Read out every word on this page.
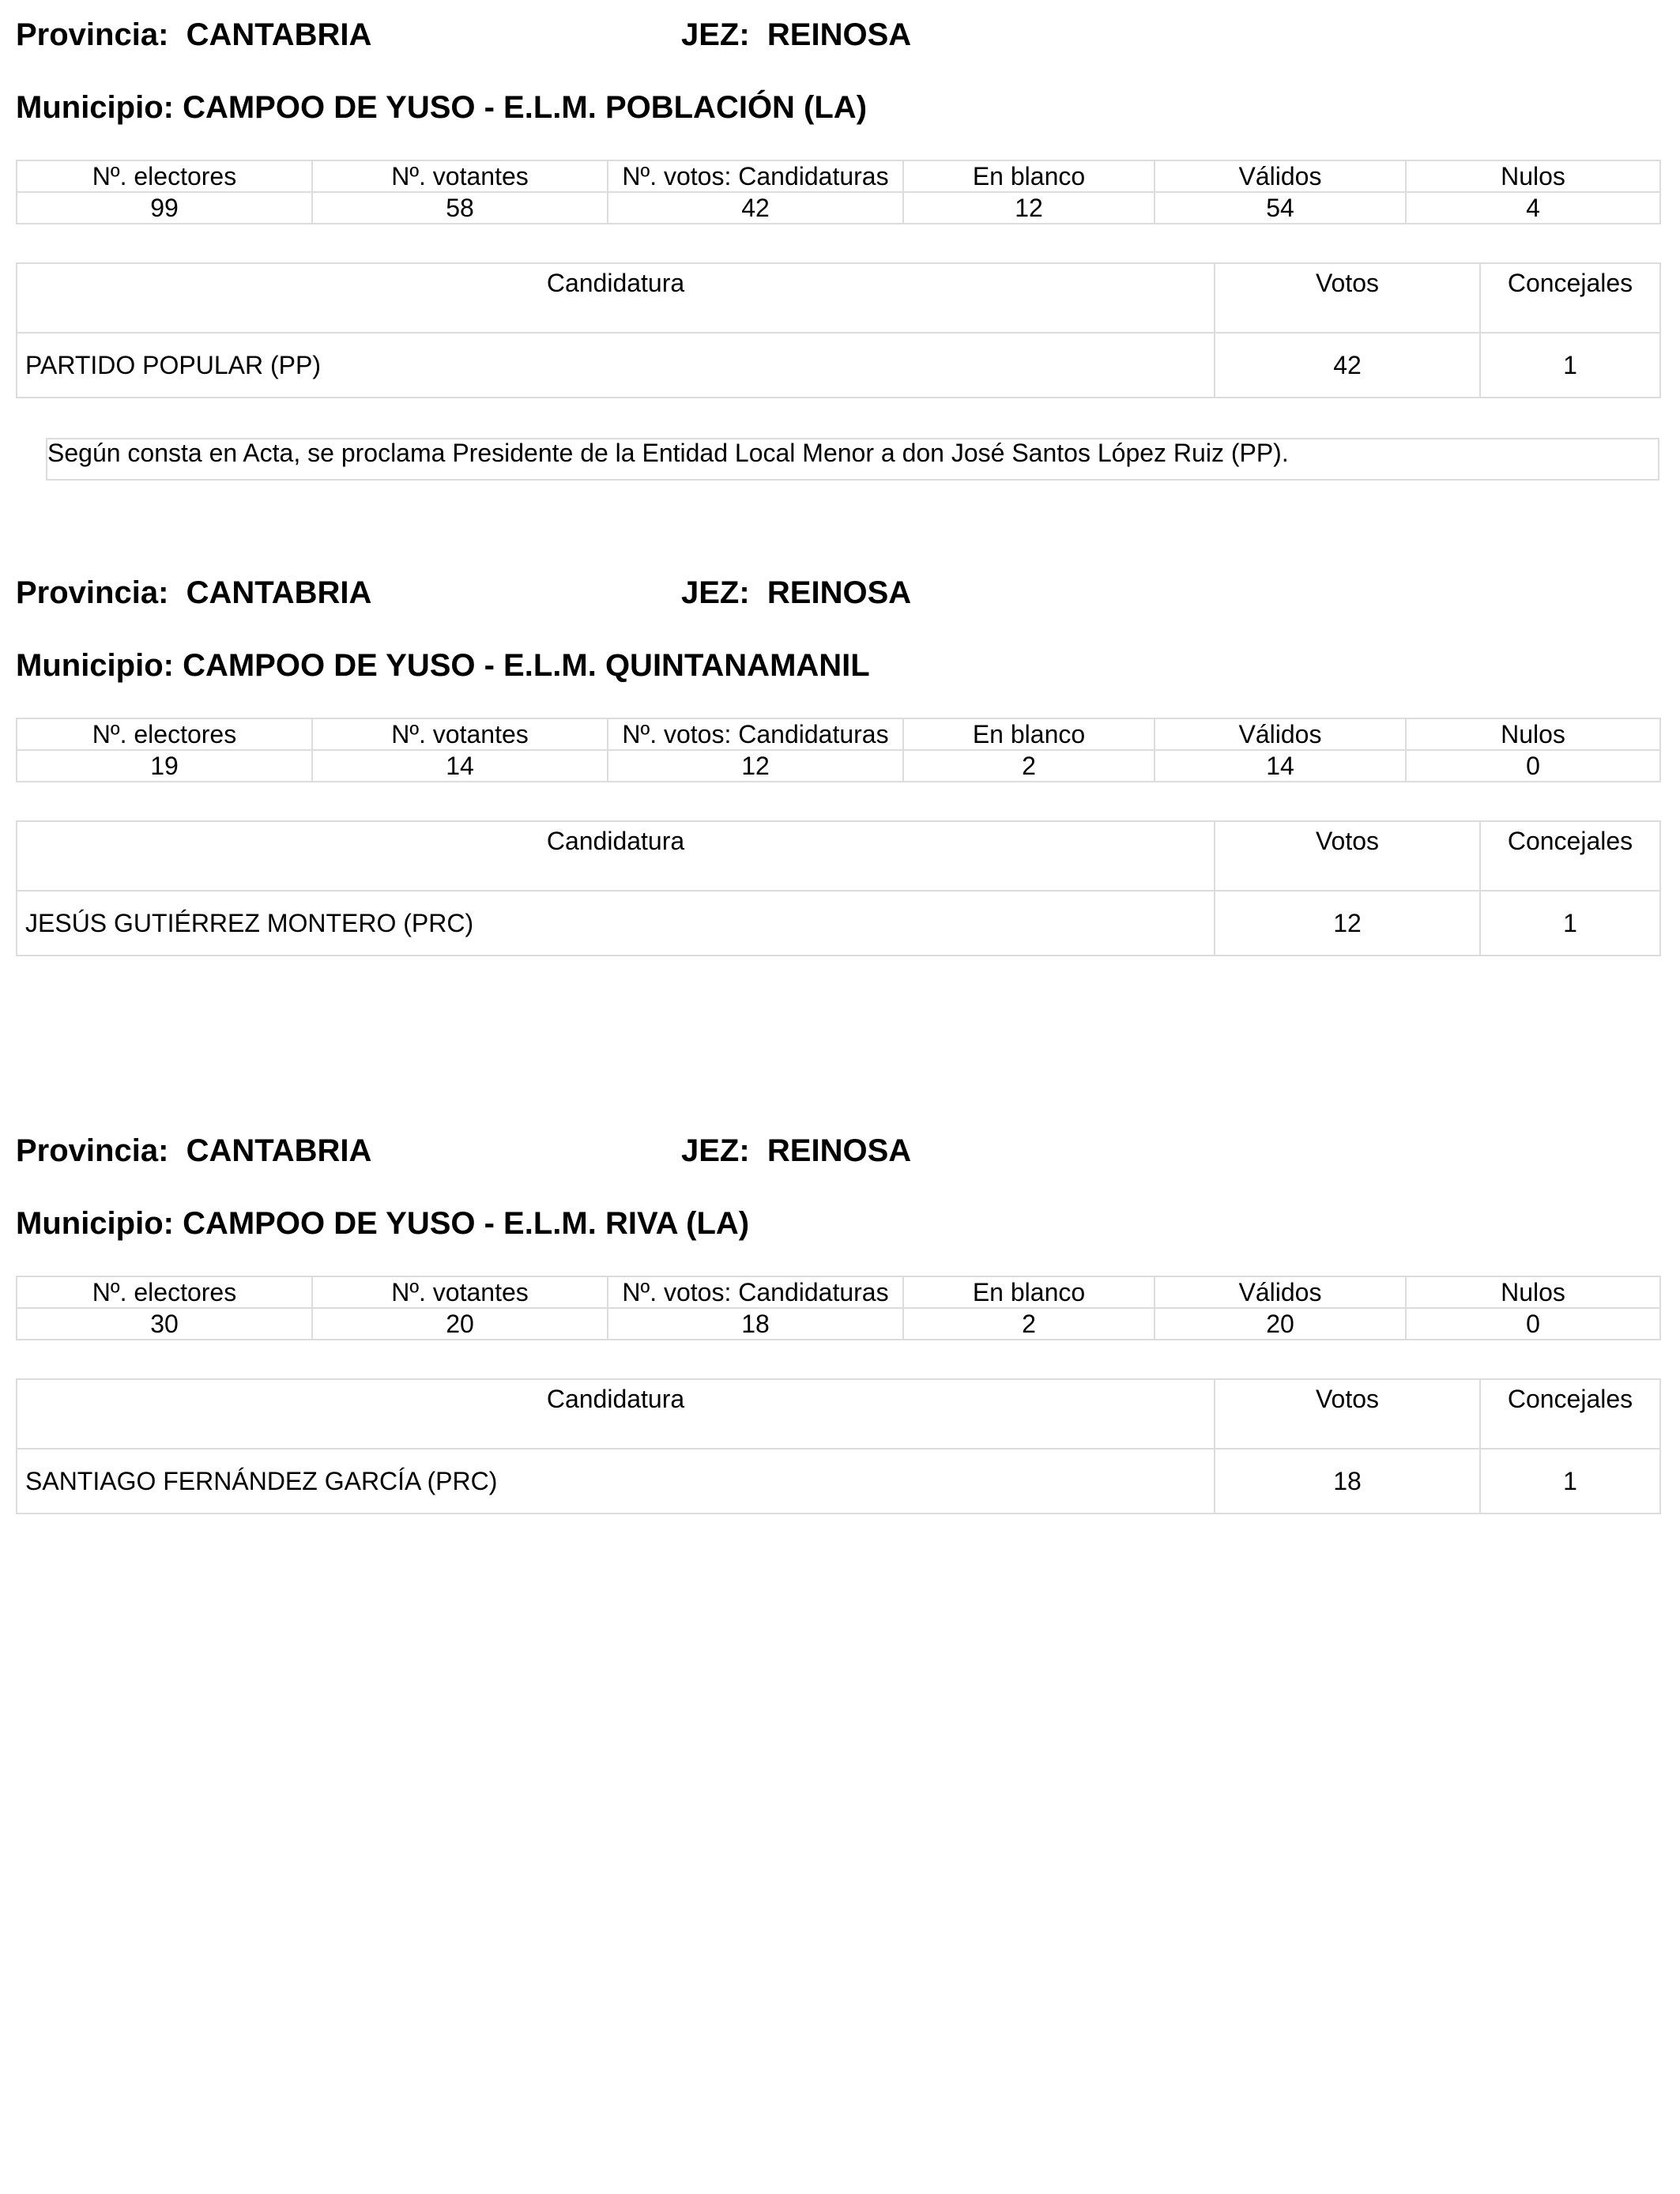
Provincia: CANTABRIA	JEZ: REINOSA
Municipio: CAMPOO DE YUSO - E.L.M. POBLACIÓN (LA)
Nº. electores	Nº. votantes	Nº. votos: Candidaturas	En blanco	Válidos	Nulos
99	58	42	12	54	4
Candidatura	Votos	Concejales
PARTIDO POPULAR (PP)	42	1
Según consta en Acta, se proclama Presidente de la Entidad Local Menor a don José Santos López Ruiz (PP).
Provincia: CANTABRIA	JEZ: REINOSA
Municipio: CAMPOO DE YUSO - E.L.M. QUINTANAMANIL
Nº. electores	Nº. votantes	Nº. votos: Candidaturas	En blanco	Válidos	Nulos
19	14	12	2	14	0
Candidatura	Votos	Concejales
JESÚS GUTIÉRREZ MONTERO (PRC)	12	1
Provincia: CANTABRIA	JEZ: REINOSA
Municipio: CAMPOO DE YUSO - E.L.M. RIVA (LA)
Nº. electores	Nº. votantes	Nº. votos: Candidaturas	En blanco	Válidos	Nulos
30	20	18	2	20	0
Candidatura	Votos	Concejales
SANTIAGO FERNÁNDEZ GARCÍA (PRC)	18	1
